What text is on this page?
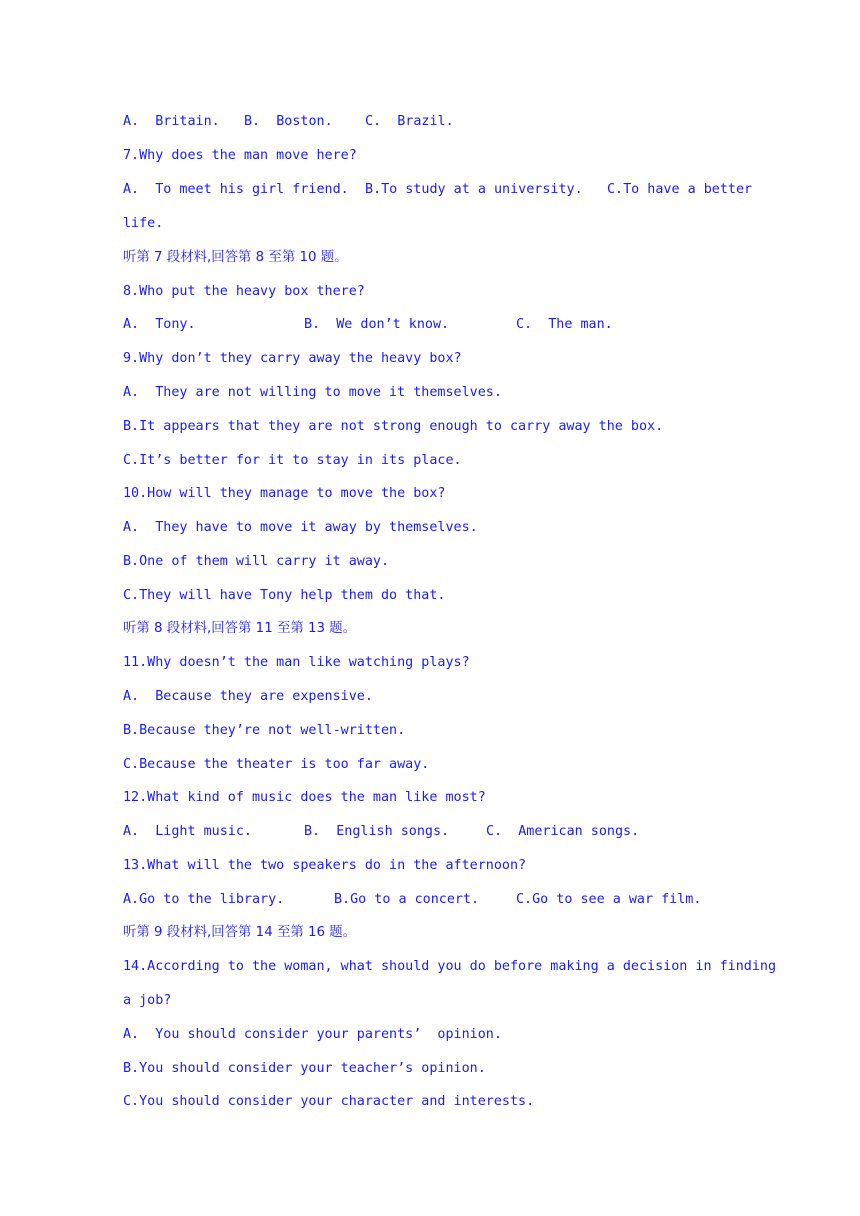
A.  Britain.

B.  Boston.

C.  Brazil.

7.Why does the man move here?

A.  To meet his girl friend.

B.To study at a university.

C.To have a better

life.
听第 7 段材料,回答第 8 至第 10 题。
8.Who put the heavy box there?

A.  Tony.

	B.  We don’t know.

	C.  The man.

9.Why don’t they carry away the heavy box?
A.  They are not willing to move it themselves.
B.It appears that they are not strong enough to carry away the box.
C.It’s better for it to stay in its place.
10.How will they manage to move the box?
A.  They have to move it away by themselves.
B.One of them will carry it away.
C.They will have Tony help them do that.
听第 8 段材料,回答第 11 至第 13 题。
11.Why doesn’t the man like watching plays?
A.  Because they are expensive.
B.Because they’re not well-written.
C.Because the theater is too far away.
12.What kind of music does the man like most?

A.  Light music.

	B.  English songs.

	C.  American songs.

13.What will the two speakers do in the afternoon?

A.Go to the library.

	B.Go to a concert.

	C.Go to see a war film.

听第 9 段材料,回答第 14 至第 16 题。
14.According to the woman, what should you do before making a decision in finding
a job?
A.  You should consider your parents’  opinion.
B.You should consider your teacher’s opinion.
C.You should consider your character and interests.
